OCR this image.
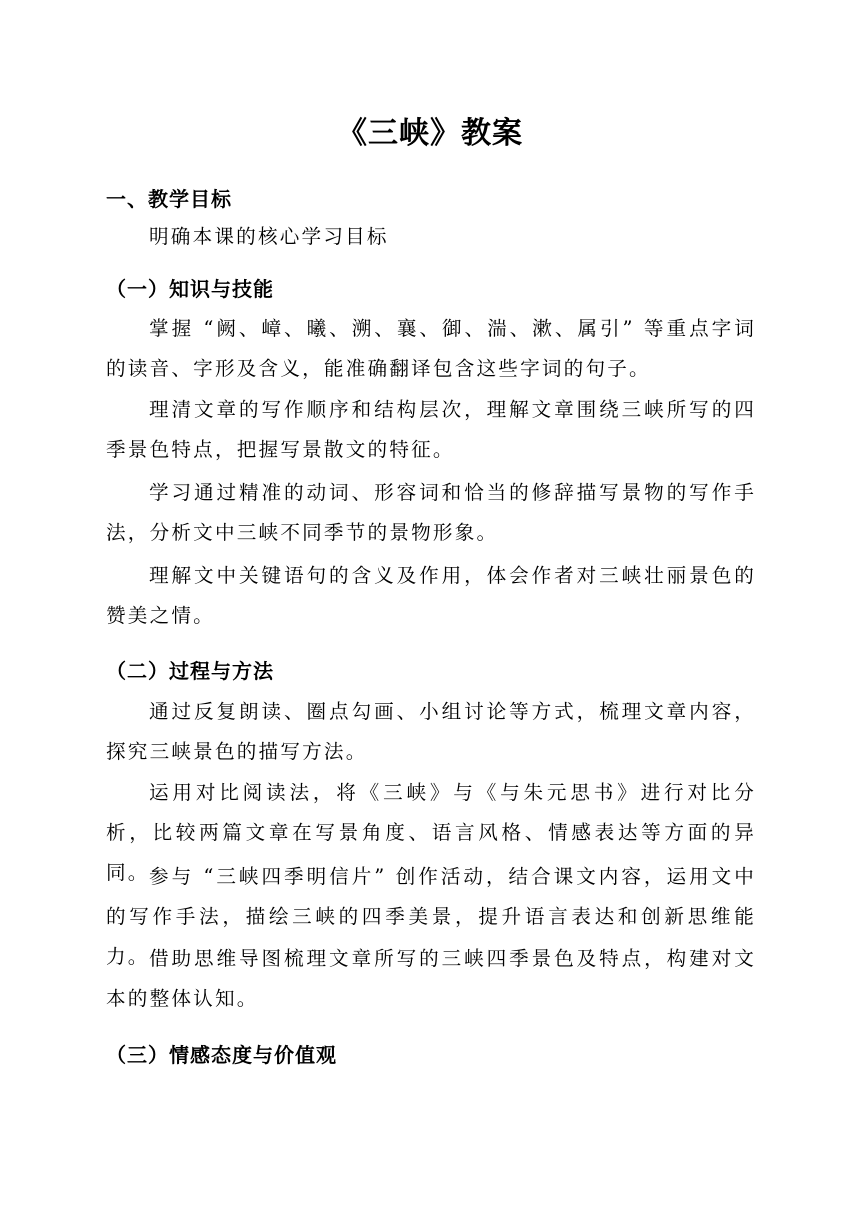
《三峡》教案
一、教学目标
明确本课的核心学习目标
（一）知识与技能
掌握 “阙、嶂、曦、溯、襄、御、湍、漱、属引” 等重点字词的读音、字形及含义，能准确翻译包含这些字词的句子。
理清文章的写作顺序和结构层次，理解文章围绕三峡所写的四季景色特点，把握写景散文的特征。
学习通过精准的动词、形容词和恰当的修辞描写景物的写作手法，分析文中三峡不同季节的景物形象。
理解文中关键语句的含义及作用，体会作者对三峡壮丽景色的赞美之情。
（二）过程与方法
通过反复朗读、圈点勾画、小组讨论等方式，梳理文章内容，探究三峡景色的描写方法。
运用对比阅读法，将《三峡》与《与朱元思书》进行对比分析，比较两篇文章在写景角度、语言风格、情感表达等方面的异同。 参与 “三峡四季明信片” 创作活动，结合课文内容，运用文中的写作手法，描绘三峡的四季美景，提升语言表达和创新思维能力。 借助思维导图梳理文章所写的三峡四季景色及特点，构建对文本的整体认知。
（三）情感态度与价值观
